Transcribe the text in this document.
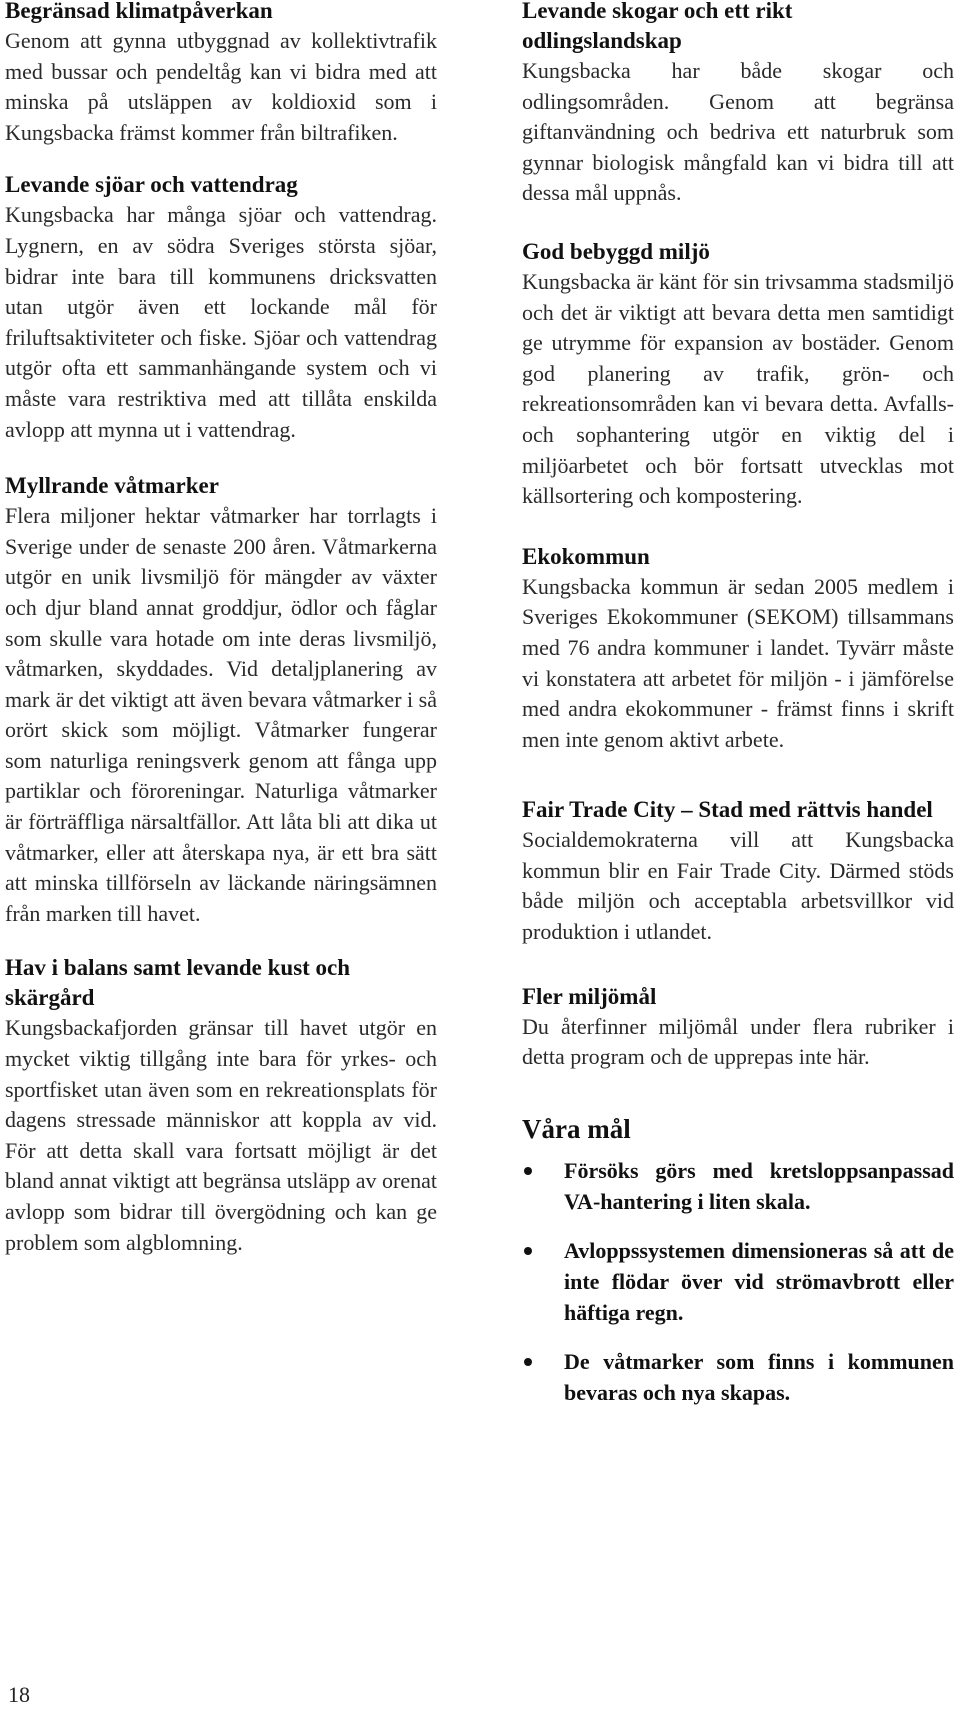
Begränsad klimatpåverkan

Genom att gynna utbyggnad av kollektivtrafik med bussar och pendeltåg kan vi bidra med att minska på utsläppen av koldioxid som i Kungsbacka främst kommer från biltrafiken.

Levande sjöar och vattendrag

Kungsbacka har många sjöar och vattendrag. Lygnern, en av södra Sveriges största sjöar, bidrar inte bara till kommunens dricksvatten utan utgör även ett lockande mål för friluftsaktiviteter och fiske. Sjöar och vattendrag utgör ofta ett sammanhängande system och vi måste vara restriktiva med att tillåta enskilda avlopp att mynna ut i vattendrag.

Myllrande våtmarker

Flera miljoner hektar våtmarker har torrlagts i Sverige under de senaste 200 åren. Våtmarkerna utgör en unik livsmiljö för mängder av växter och djur bland annat groddjur, ödlor och fåglar som skulle vara hotade om inte deras livsmiljö, våtmarken, skyddades. Vid detaljplanering av mark är det viktigt att även bevara våtmarker i så orört skick som möjligt. Våtmarker fungerar som naturliga reningsverk genom att fånga upp partiklar och föroreningar. Naturliga våtmarker är förträffliga närsaltfällor. Att låta bli att dika ut våtmarker, eller att återskapa nya, är ett bra sätt att minska tillförseln av läckande näringsämnen från marken till havet.

Hav i balans samt levande kust och skärgård

Kungsbackafjorden gränsar till havet utgör en mycket viktig tillgång inte bara för yrkes- och sportfisket utan även som en rekreationsplats för dagens stressade människor att koppla av vid. För att detta skall vara fortsatt möjligt är det bland annat viktigt att begränsa utsläpp av orenat avlopp som bidrar till övergödning och kan ge problem som algblomning.

Levande skogar och ett rikt odlingslandskap

Kungsbacka har både skogar och odlingsområden. Genom att begränsa giftanvändning och bedriva ett naturbruk som gynnar biologisk mångfald kan vi bidra till att dessa mål uppnås.

God bebyggd miljö

Kungsbacka är känt för sin trivsamma stadsmiljö och det är viktigt att bevara detta men samtidigt ge utrymme för expansion av bostäder. Genom god planering av trafik, grön- och rekreationsområden kan vi bevara detta. Avfalls- och sophantering utgör en viktig del i miljöarbetet och bör fortsatt utvecklas mot källsortering och kompostering.

Ekokommun

Kungsbacka kommun är sedan 2005 medlem i Sveriges Ekokommuner (SEKOM) tillsammans med 76 andra kommuner i landet. Tyvärr måste vi konstatera att arbetet för miljön - i jämförelse med andra ekokommuner - främst finns i skrift men inte genom aktivt arbete.

Fair Trade City – Stad med rättvis handel

Socialdemokraterna vill att Kungsbacka kommun blir en Fair Trade City. Därmed stöds både miljön och acceptabla arbetsvillkor vid produktion i utlandet.

Fler miljömål

Du återfinner miljömål under flera rubriker i detta program och de upprepas inte här.

Våra mål
Försöks görs med kretsloppsanpassad VA-hantering i liten skala.
Avloppssystemen dimensioneras så att de inte flödar över vid strömavbrott eller häftiga regn.
De våtmarker som finns i kommunen bevaras och nya skapas.
18
